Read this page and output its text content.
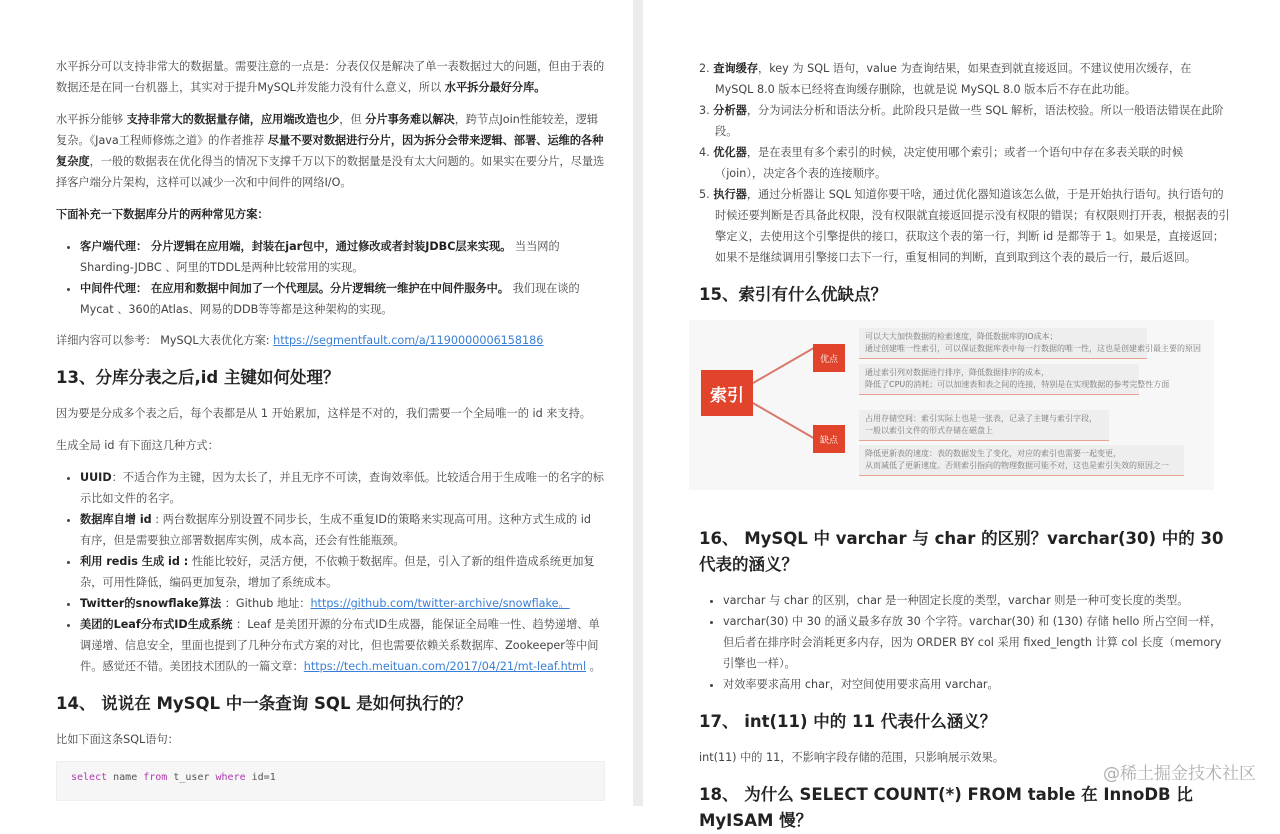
水平拆分可以支持非常大的数据量。需要注意的一点是：分表仅仅是解决了单一表数据过大的问题，但由于表的数据还是在同一台机器上，其实对于提升MySQL并发能力没有什么意义，所以 水平拆分最好分库。

水平拆分能够 支持非常大的数据量存储，应用端改造也少，但 分片事务难以解决，跨节点Join性能较差，逻辑复杂。《Java工程师修炼之道》的作者推荐 尽量不要对数据进行分片，因为拆分会带来逻辑、部署、运维的各种复杂度，一般的数据表在优化得当的情况下支撑千万以下的数据量是没有太大问题的。如果实在要分片，尽量选择客户端分片架构，这样可以减少一次和中间件的网络I/O。

下面补充一下数据库分片的两种常见方案：

• 客户端代理： 分片逻辑在应用端，封装在jar包中，通过修改或者封装JDBC层来实现。 当当网的 Sharding-JDBC 、阿里的TDDL是两种比较常用的实现。
• 中间件代理： 在应用和数据中间加了一个代理层。分片逻辑统一维护在中间件服务中。 我们现在谈的 Mycat 、360的Atlas、网易的DDB等等都是这种架构的实现。

详细内容可以参考： MySQL大表优化方案: https://segmentfault.com/a/1190000006158186

13、分库分表之后,id 主键如何处理？

因为要是分成多个表之后，每个表都是从 1 开始累加，这样是不对的，我们需要一个全局唯一的 id 来支持。

生成全局 id 有下面这几种方式：

• UUID：不适合作为主键，因为太长了，并且无序不可读，查询效率低。比较适合用于生成唯一的名字的标示比如文件的名字。
• 数据库自增 id : 两台数据库分别设置不同步长，生成不重复ID的策略来实现高可用。这种方式生成的 id 有序，但是需要独立部署数据库实例，成本高，还会有性能瓶颈。
• 利用 redis 生成 id : 性能比较好，灵活方便，不依赖于数据库。但是，引入了新的组件造成系统更加复杂，可用性降低，编码更加复杂，增加了系统成本。
• Twitter的snowflake算法 ：Github 地址：https://github.com/twitter-archive/snowflake。
• 美团的Leaf分布式ID生成系统 ：Leaf 是美团开源的分布式ID生成器，能保证全局唯一性、趋势递增、单调递增、信息安全，里面也提到了几种分布式方案的对比，但也需要依赖关系数据库、Zookeeper等中间件。感觉还不错。美团技术团队的一篇文章：https://tech.meituan.com/2017/04/21/mt-leaf.html 。
14、 说说在 MySQL 中一条查询 SQL 是如何执行的？

比如下面这条SQL语句：

select name from t_user where id=1
2. 查询缓存，key 为 SQL 语句，value 为查询结果，如果查到就直接返回。不建议使用次缓存，在 MySQL 8.0 版本已经将查询缓存删除，也就是说 MySQL 8.0 版本后不存在此功能。
3. 分析器，分为词法分析和语法分析。此阶段只是做一些 SQL 解析，语法校验。所以一般语法错误在此阶段。
4. 优化器，是在表里有多个索引的时候，决定使用哪个索引；或者一个语句中存在多表关联的时候（join），决定各个表的连接顺序。
5. 执行器，通过分析器让 SQL 知道你要干啥，通过优化器知道该怎么做，于是开始执行语句。执行语句的时候还要判断是否具备此权限，没有权限就直接返回提示没有权限的错误；有权限则打开表，根据表的引擎定义，去使用这个引擎提供的接口，获取这个表的第一行，判断 id 是都等于 1。如果是，直接返回；如果不是继续调用引擎接口去下一行，重复相同的判断，直到取到这个表的最后一行，最后返回。
15、索引有什么优缺点？
索引
优点
缺点
可以大大加快数据的检索速度，降低数据库的IO成本；
通过创建唯一性索引，可以保证数据库表中每一行数据的唯一性，这也是创建索引最主要的原因
通过索引列对数据进行排序，降低数据排序的成本，
降低了CPU的消耗；可以加速表和表之间的连接，特别是在实现数据的参考完整性方面
占用存储空间：索引实际上也是一张表，记录了主键与索引字段，
一般以索引文件的形式存储在磁盘上
降低更新表的速度：表的数据发生了变化，对应的索引也需要一起变更，
从而减低了更新速度。否则索引指向的物理数据可能不对，这也是索引失效的原因之一
16、 MySQL 中 varchar 与 char 的区别？varchar(30) 中的 30 代表的涵义？
• varchar 与 char 的区别，char 是一种固定长度的类型，varchar 则是一种可变长度的类型。
• varchar(30) 中 30 的涵义最多存放 30 个字符。varchar(30) 和 (130) 存储 hello 所占空间一样，但后者在排序时会消耗更多内存，因为 ORDER BY col 采用 fixed_length 计算 col 长度（memory 引擎也一样）。
• 对效率要求高用 char，对空间使用要求高用 varchar。
17、 int(11) 中的 11 代表什么涵义？

int(11) 中的 11，不影响字段存储的范围，只影响展示效果。

18、 为什么 SELECT COUNT(*) FROM table 在 InnoDB 比 MyISAM 慢？
@稀土掘金技术社区
